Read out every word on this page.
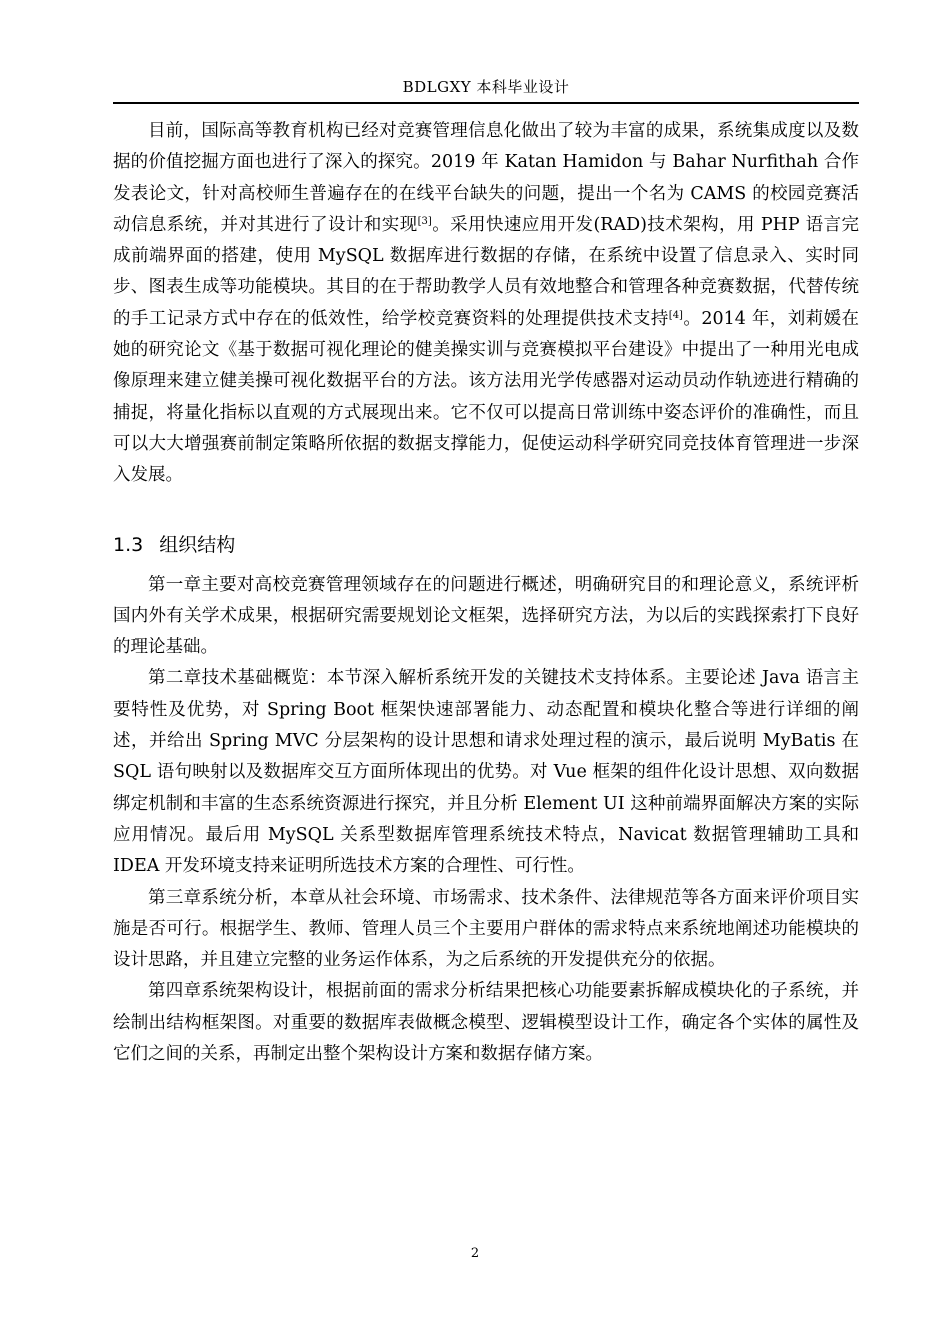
BDLGXY 本科毕业设计

目前，国际高等教育机构已经对竞赛管理信息化做出了较为丰富的成果，系统集成度以及数据的价值挖掘方面也进行了深入的探究。2019 年 Katan Hamidon 与 Bahar Nurfithah 合作发表论文，针对高校师生普遍存在的在线平台缺失的问题，提出一个名为 CAMS 的校园竞赛活动信息系统，并对其进行了设计和实现[3]。采用快速应用开发(RAD)技术架构，用 PHP 语言完成前端界面的搭建，使用 MySQL 数据库进行数据的存储，在系统中设置了信息录入、实时同步、图表生成等功能模块。其目的在于帮助教学人员有效地整合和管理各种竞赛数据，代替传统的手工记录方式中存在的低效性，给学校竞赛资料的处理提供技术支持[4]。2014 年，刘莉媛在她的研究论文《基于数据可视化理论的健美操实训与竞赛模拟平台建设》中提出了一种用光电成像原理来建立健美操可视化数据平台的方法。该方法用光学传感器对运动员动作轨迹进行精确的捕捉，将量化指标以直观的方式展现出来。它不仅可以提高日常训练中姿态评价的准确性，而且可以大大增强赛前制定策略所依据的数据支撑能力，促使运动科学研究同竞技体育管理进一步深入发展。

1.3 组织结构

第一章主要对高校竞赛管理领域存在的问题进行概述，明确研究目的和理论意义，系统评析国内外有关学术成果，根据研究需要规划论文框架，选择研究方法，为以后的实践探索打下良好的理论基础。

第二章技术基础概览：本节深入解析系统开发的关键技术支持体系。主要论述 Java 语言主要特性及优势，对 Spring Boot 框架快速部署能力、动态配置和模块化整合等进行详细的阐述，并给出 Spring MVC 分层架构的设计思想和请求处理过程的演示，最后说明 MyBatis 在 SQL 语句映射以及数据库交互方面所体现出的优势。对 Vue 框架的组件化设计思想、双向数据绑定机制和丰富的生态系统资源进行探究，并且分析 Element UI 这种前端界面解决方案的实际应用情况。最后用 MySQL 关系型数据库管理系统技术特点，Navicat 数据管理辅助工具和 IDEA 开发环境支持来证明所选技术方案的合理性、可行性。

第三章系统分析，本章从社会环境、市场需求、技术条件、法律规范等各方面来评价项目实施是否可行。根据学生、教师、管理人员三个主要用户群体的需求特点来系统地阐述功能模块的设计思路，并且建立完整的业务运作体系，为之后系统的开发提供充分的依据。

第四章系统架构设计，根据前面的需求分析结果把核心功能要素拆解成模块化的子系统，并绘制出结构框架图。对重要的数据库表做概念模型、逻辑模型设计工作，确定各个实体的属性及它们之间的关系，再制定出整个架构设计方案和数据存储方案。

2
